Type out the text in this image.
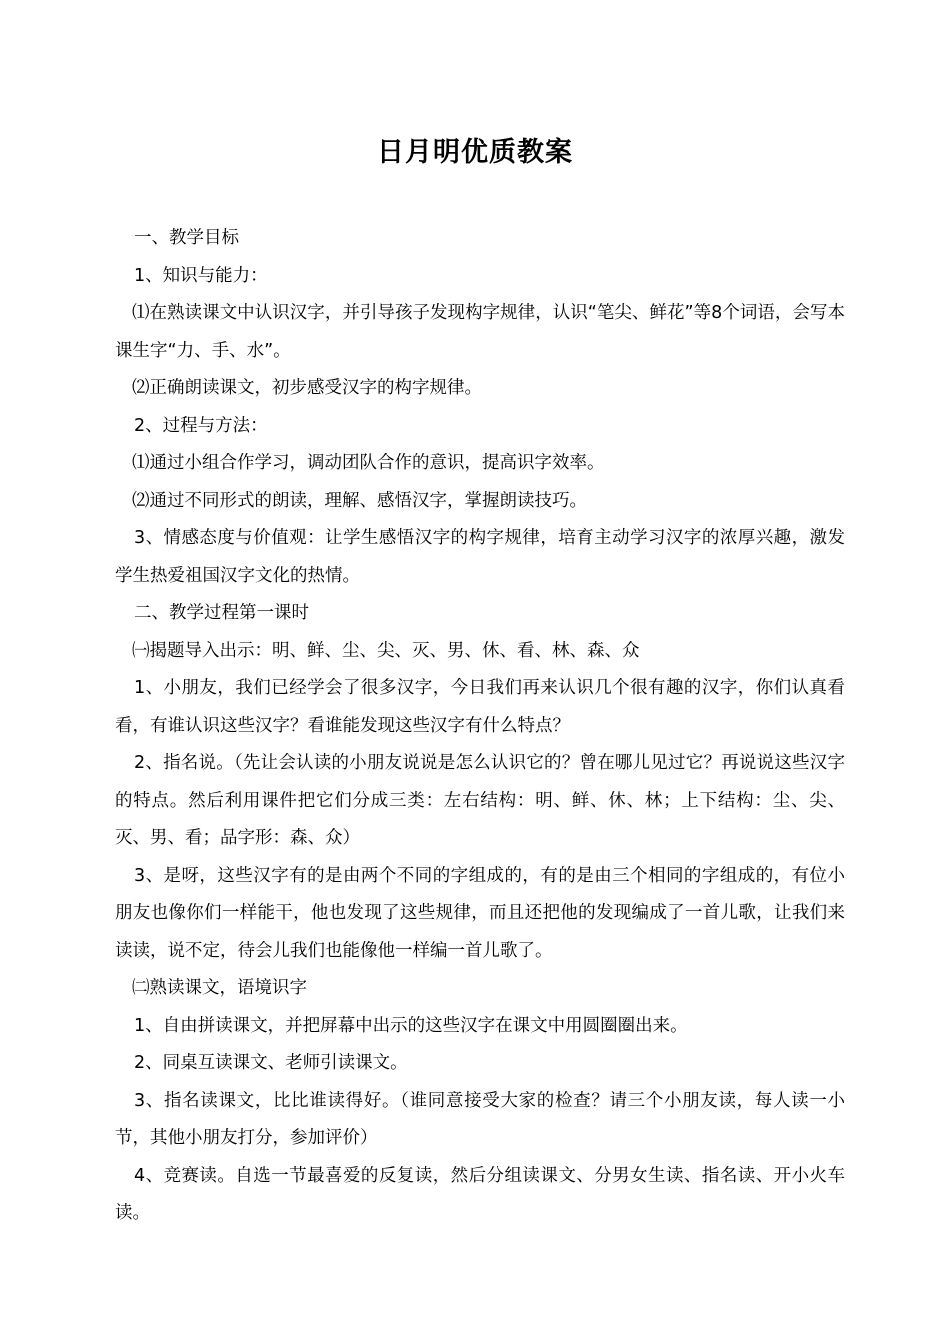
日月明优质教案

一、教学目标

1、知识与能力：

⑴在熟读课文中认识汉字，并引导孩子发现构字规律，认识“笔尖、鲜花”等8个词语，会写本课生字“力、手、水”。

⑵正确朗读课文，初步感受汉字的构字规律。

2、过程与方法：

⑴通过小组合作学习，调动团队合作的意识，提高识字效率。

⑵通过不同形式的朗读，理解、感悟汉字，掌握朗读技巧。

3、情感态度与价值观：让学生感悟汉字的构字规律，培育主动学习汉字的浓厚兴趣，激发学生热爱祖国汉字文化的热情。

二、教学过程第一课时

㈠揭题导入出示：明、鲜、尘、尖、灭、男、休、看、林、森、众

1、小朋友，我们已经学会了很多汉字，今日我们再来认识几个很有趣的汉字，你们认真看看，有谁认识这些汉字？看谁能发现这些汉字有什么特点？

2、指名说。（先让会认读的小朋友说说是怎么认识它的？曾在哪儿见过它？再说说这些汉字的特点。然后利用课件把它们分成三类：左右结构：明、鲜、休、林；上下结构：尘、尖、灭、男、看；品字形：森、众）

3、是呀，这些汉字有的是由两个不同的字组成的，有的是由三个相同的字组成的，有位小朋友也像你们一样能干，他也发现了这些规律，而且还把他的发现编成了一首儿歌，让我们来读读，说不定，待会儿我们也能像他一样编一首儿歌了。

㈡熟读课文，语境识字

1、自由拼读课文，并把屏幕中出示的这些汉字在课文中用圆圈圈出来。

2、同桌互读课文、老师引读课文。

3、指名读课文，比比谁读得好。（谁同意接受大家的检查？请三个小朋友读，每人读一小节，其他小朋友打分，参加评价）

4、竞赛读。自选一节最喜爱的反复读，然后分组读课文、分男女生读、指名读、开小火车读。
